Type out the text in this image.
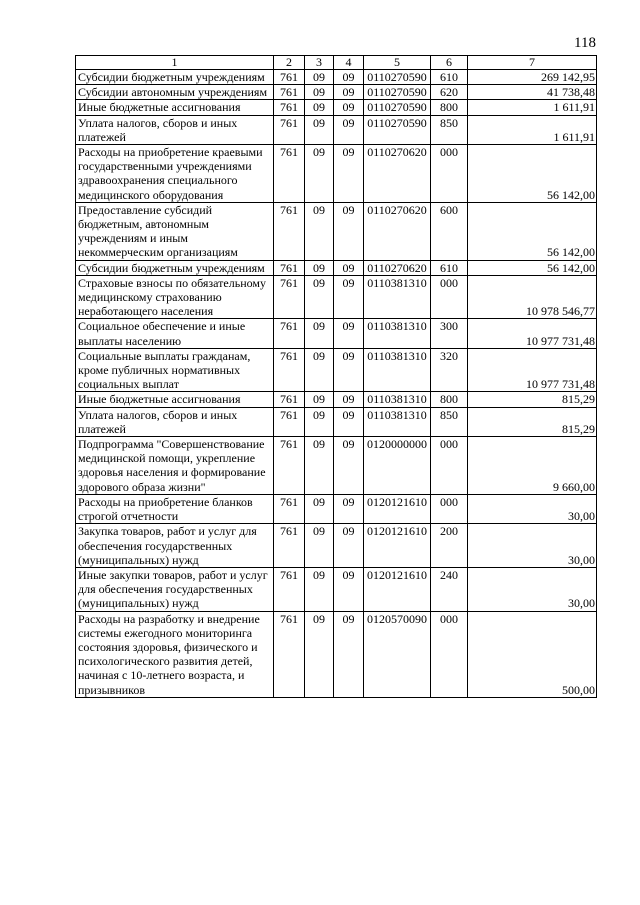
118
1	2	3	4	5	6	7
Субсидии бюджетным учреждениям	761	09	09	0110270590	610	269 142,95
Субсидии автономным учреждениям	761	09	09	0110270590	620	41 738,48
Иные бюджетные ассигнования	761	09	09	0110270590	800	1 611,91
Уплата налогов, сборов и иных платежей	761	09	09	0110270590	850	1 611,91
Расходы на приобретение краевыми государственными учреждениями здравоохранения специального медицинского оборудования	761	09	09	0110270620	000	56 142,00
Предоставление субсидий бюджетным, автономным учреждениям и иным некоммерческим организациям	761	09	09	0110270620	600	56 142,00
Субсидии бюджетным учреждениям	761	09	09	0110270620	610	56 142,00
Страховые взносы по обязательному медицинскому страхованию неработающего населения	761	09	09	0110381310	000	10 978 546,77
Социальное обеспечение и иные выплаты населению	761	09	09	0110381310	300	10 977 731,48
Социальные выплаты гражданам, кроме публичных нормативных социальных выплат	761	09	09	0110381310	320	10 977 731,48
Иные бюджетные ассигнования	761	09	09	0110381310	800	815,29
Уплата налогов, сборов и иных платежей	761	09	09	0110381310	850	815,29
Подпрограмма "Совершенствование медицинской помощи, укрепление здоровья населения и формирование здорового образа жизни"	761	09	09	0120000000	000	9 660,00
Расходы на приобретение бланков строгой отчетности	761	09	09	0120121610	000	30,00
Закупка товаров, работ и услуг для обеспечения государственных (муниципальных) нужд	761	09	09	0120121610	200	30,00
Иные закупки товаров, работ и услуг для обеспечения государственных (муниципальных) нужд	761	09	09	0120121610	240	30,00
Расходы на разработку и внедрение системы ежегодного мониторинга состояния здоровья, физического и психологического развития детей, начиная с 10-летнего возраста, и призывников	761	09	09	0120570090	000	500,00
